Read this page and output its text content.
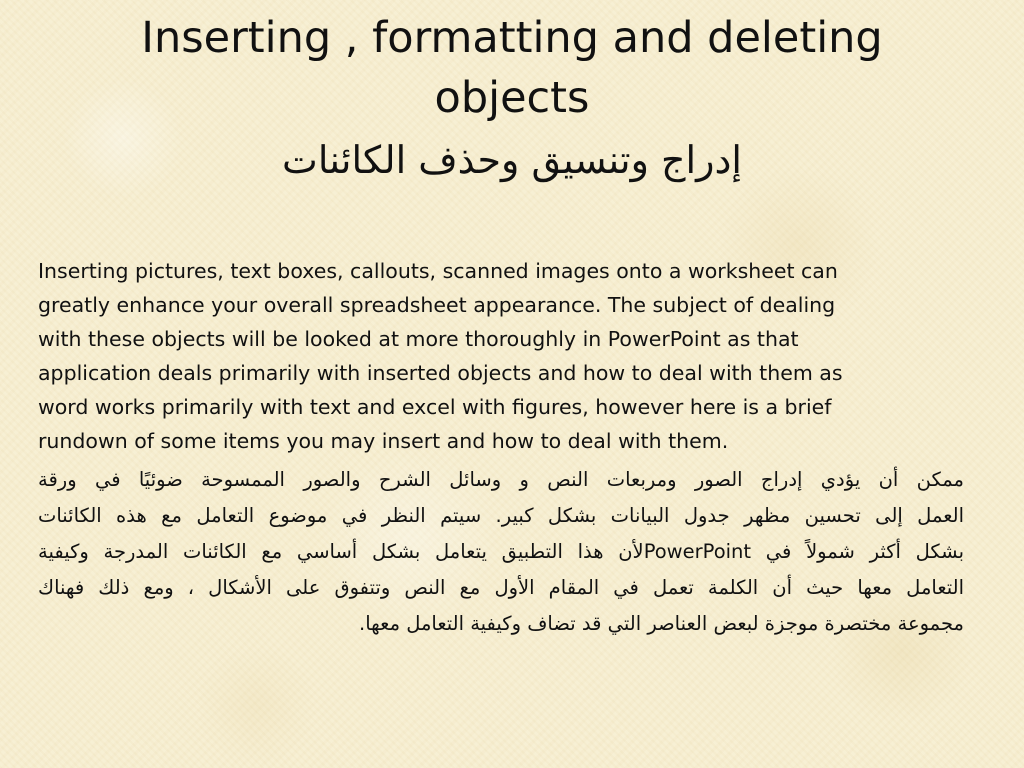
Inserting , formatting and deleting
objects
إدراج وتنسيق وحذف الكائنات
Inserting pictures, text boxes, callouts, scanned images onto a worksheet can
greatly enhance your overall spreadsheet appearance. The subject of dealing
with these objects will be looked at more thoroughly in PowerPoint as that
application deals primarily with inserted objects and how to deal with them as
word works primarily with text and excel with figures, however here is a brief
rundown of some items you may insert and how to deal with them.
ممكن أن يؤدي إدراج الصور ومربعات النص و وسائل الشرح والصور الممسوحة ضوئيًا في ورقة
العمل إلى تحسين مظهر جدول البيانات بشكل كبير. سيتم النظر في موضوع التعامل مع هذه الكائنات
بشكل أكثر شمولاً في PowerPointلأن هذا التطبيق يتعامل بشكل أساسي مع الكائنات المدرجة وكيفية
التعامل معها حيث أن الكلمة تعمل في المقام الأول مع النص وتتفوق على الأشكال ، ومع ذلك فهناك
مجموعة مختصرة موجزة لبعض العناصر التي قد تضاف وكيفية التعامل معها.
